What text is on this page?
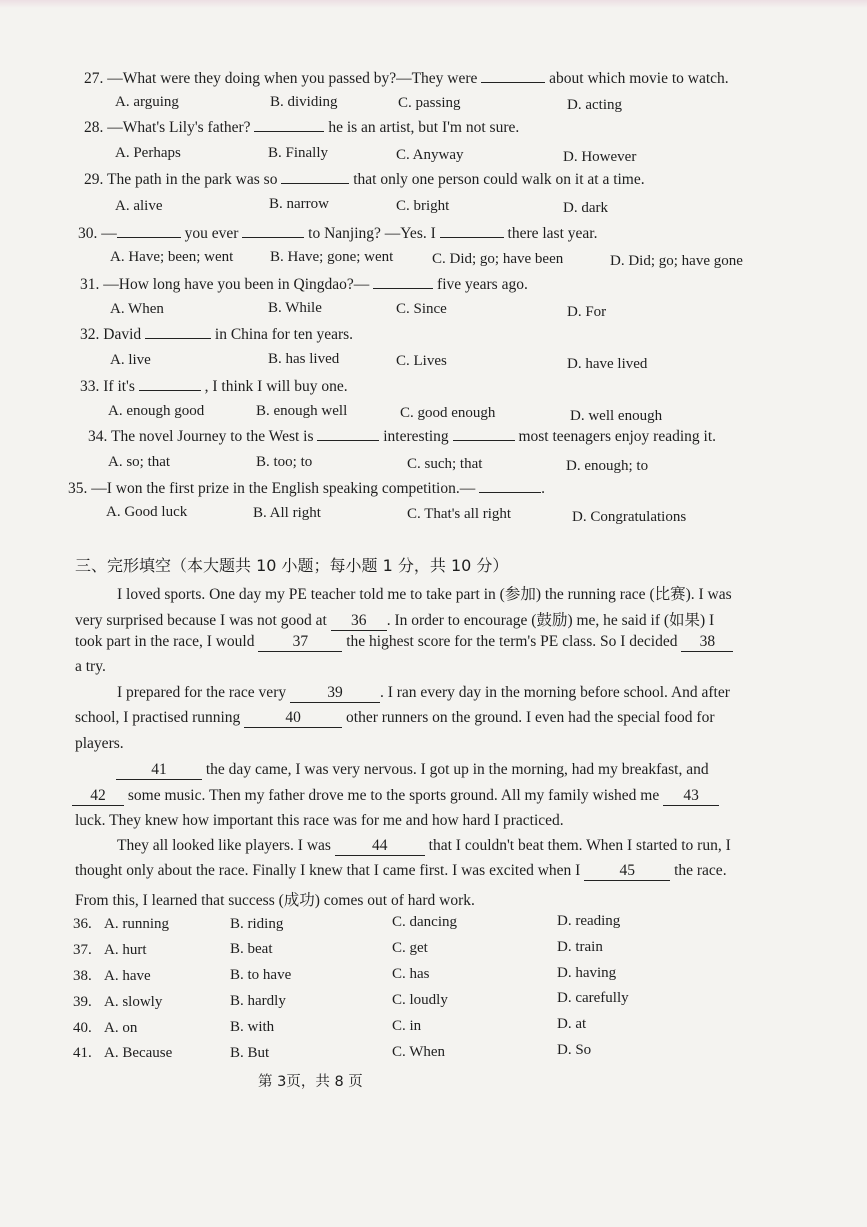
27. —What were they doing when you passed by?—They were	about which movie to watch.
A. arguing	B. dividing	C. passing	D. acting
28. —What's Lily's father?	he is an artist, but I'm not sure.
A. Perhaps	B. Finally	C. Anyway	D. However
29. The path in the park was so	that only one person could walk on it at a time.
A. alive	B. narrow	C. bright	D. dark
30. —	you ever	to Nanjing? —Yes. I	there last year.
A. Have; been; went B. Have; gone; went	C. Did; go; have been	D. Did; go; have gone
31. —How long have you been in Qingdao?—	five years ago.
A. When	B. While	C. Since	D. For
32. David	in China for ten years.
A. live	B. has lived	C. Lives	D. have lived
33. If it's	, I think I will buy one.
A. enough good	B. enough well	C. good enough	D. well enough
34. The novel Journey to the West is	interesting	most teenagers enjoy reading it.
A. so; that	B. too; to	C. such; that	D. enough; to
35. —I won the first prize in the English speaking competition.—	.
A. Good luck	B. All right	C. That's all right	D. Congratulations
三、完形填空（本大题共 10 小题；每小题 1 分，共 10 分）
I loved sports. One day my PE teacher told me to take part in (参加) the running race (比赛). I was
very surprised because I was not good at 36 . In order to encourage (鼓励) me, he said if (如果) I
took part in the race, I would 37 the highest score for the term's PE class. So I decided 38
a try.
I prepared for the race very 39 . I ran every day in the morning before school. And after
school, I practised running	40	other runners on the ground. I even had the special food for
players.
41 the day came, I was very nervous. I got up in the morning, had my breakfast, and
42 some music. Then my father drove me to the sports ground. All my family wished me 43
luck. They knew how important this race was for me and how hard I practiced.
They all looked like players. I was 44 that I couldn't beat them. When I started to run, I
thought only about the race. Finally I knew that I came first. I was excited when I 45 the race.
From this, I learned that success (成功) comes out of hard work.
36. A. running	B. riding	C. dancing	D. reading
37. A. hurt	B. beat	C. get	D. train
38. A. have	B. to have	C. has	D. having
39. A. slowly	B. hardly	C. loudly	D. carefully
40. A. on	B. with	C. in	D. at
41. A. Because	B. But	C. When	D. So
第 3页，共 8 页
